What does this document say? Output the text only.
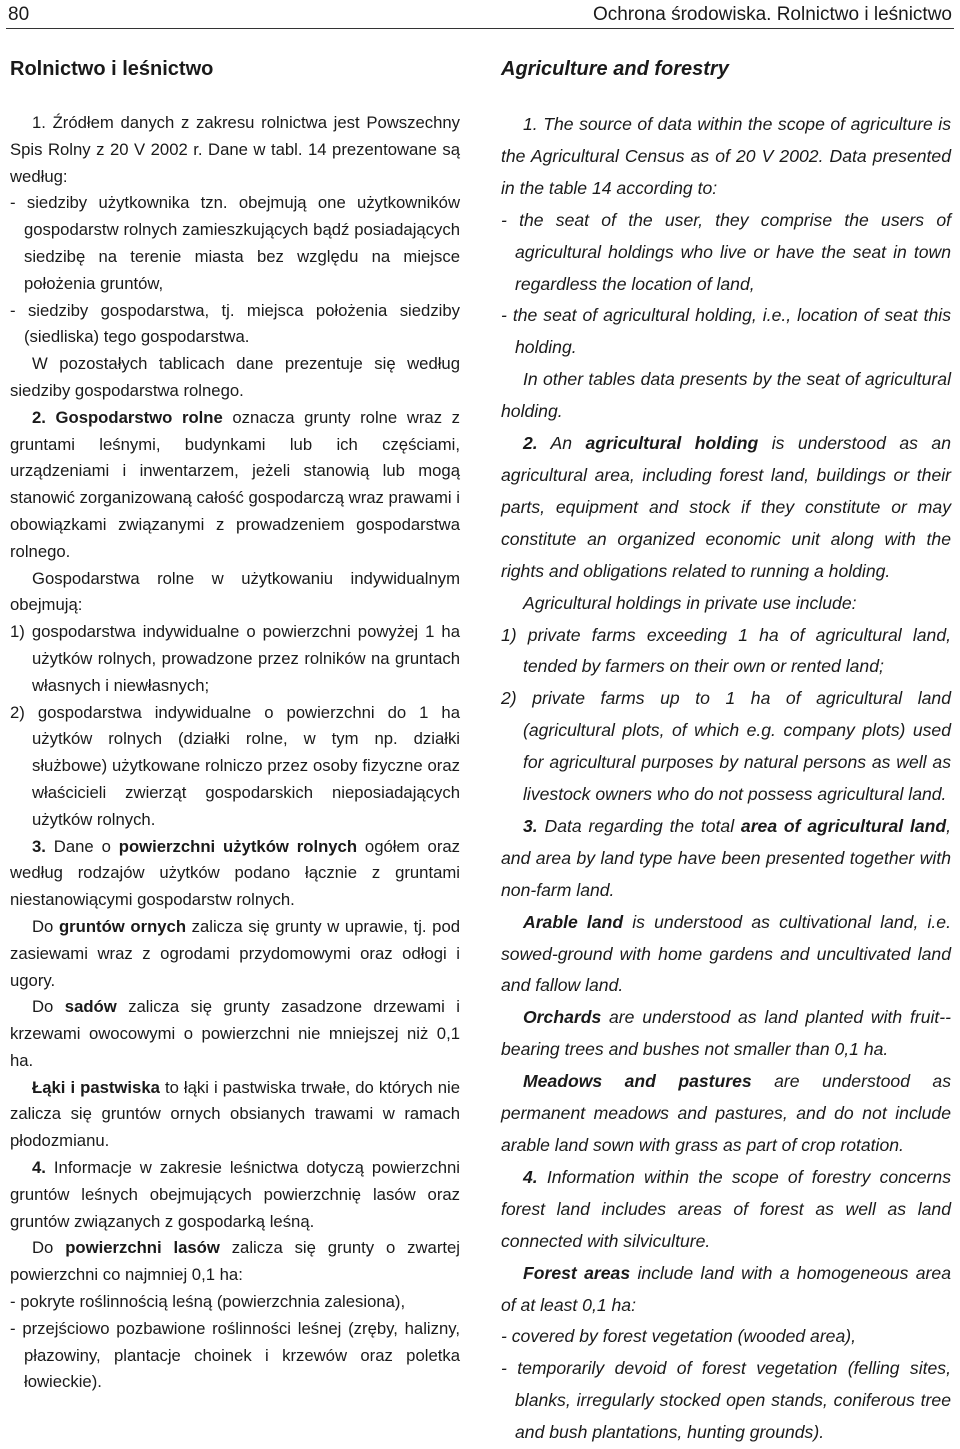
80	Ochrona środowiska. Rolnictwo i leśnictwo
Rolnictwo i leśnictwo

1. Źródłem danych z zakresu rolnictwa jest Powszechny Spis Rolny z 20 V 2002 r. Dane w tabl. 14 prezentowane są według:

- siedziby użytkownika tzn. obejmują one użytkowników gospodarstw rolnych zamieszkujących bądź posiadających siedzibę na terenie miasta bez względu na miejsce położenia gruntów,

- siedziby gospodarstwa, tj. miejsca położenia siedziby (siedliska) tego gospodarstwa.

W pozostałych tablicach dane prezentuje się według siedziby gospodarstwa rolnego.

2. Gospodarstwo rolne oznacza grunty rolne wraz z gruntami leśnymi, budynkami lub ich częściami, urządzeniami i inwentarzem, jeżeli stanowią lub mogą stanowić zorganizowaną całość gospodarczą wraz prawami i obowiązkami związanymi z prowadzeniem gospodarstwa rolnego.

Gospodarstwa rolne w użytkowaniu indywidualnym obejmują:

1) gospodarstwa indywidualne o powierzchni powyżej 1 ha użytków rolnych, prowadzone przez rolników na gruntach własnych i niewłasnych;

2) gospodarstwa indywidualne o powierzchni do 1 ha użytków rolnych (działki rolne, w tym np. działki służbowe) użytkowane rolniczo przez osoby fizyczne oraz właścicieli zwierząt gospodarskich nieposiadających użytków rolnych.

3. Dane o powierzchni użytków rolnych ogółem oraz według rodzajów użytków podano łącznie z gruntami niestanowiącymi gospodarstw rolnych.

Do gruntów ornych zalicza się grunty w uprawie, tj. pod zasiewami wraz z ogrodami przydomowymi oraz odłogi i ugory.

Do sadów zalicza się grunty zasadzone drzewami i krzewami owocowymi o powierzchni nie mniejszej niż 0,1 ha.

Łąki i pastwiska to łąki i pastwiska trwałe, do których nie zalicza się gruntów ornych obsianych trawami w ramach płodozmianu.

4. Informacje w zakresie leśnictwa dotyczą powierzchni gruntów leśnych obejmujących powierzchnię lasów oraz gruntów związanych z gospodarką leśną.

Do powierzchni lasów zalicza się grunty o zwartej powierzchni co najmniej 0,1 ha:

- pokryte roślinnością leśną (powierzchnia zalesiona),

- przejściowo pozbawione roślinności leśnej (zręby, halizny, płazowiny, plantacje choinek i krzewów oraz poletka łowieckie).

Agriculture and forestry

1. The source of data within the scope of agriculture is the Agricultural Census as of 20 V 2002. Data presented in the table 14 according to:

- the seat of the user, they comprise the users of agricultural holdings who live or have the seat in town regardless the location of land,

- the seat of agricultural holding, i.e., location of seat this holding.

In other tables data presents by the seat of agricultural holding.

2. An agricultural holding is understood as an agricultural area, including forest land, buildings or their parts, equipment and stock if they constitute or may constitute an organized economic unit along with the rights and obligations related to running a holding.

Agricultural holdings in private use include:

1) private farms exceeding 1 ha of agricultural land, tended by farmers on their own or rented land;

2) private farms up to 1 ha of agricultural land (agricultural plots, of which e.g. company plots) used for agricultural purposes by natural persons as well as livestock owners who do not possess agricultural land.

3. Data regarding the total area of agricultural land, and area by land type have been presented together with non-farm land.

Arable land is understood as cultivational land, i.e. sowed-ground with home gardens and uncultivated land and fallow land.

Orchards are understood as land planted with fruit--bearing trees and bushes not smaller than 0,1 ha.

Meadows and pastures are understood as permanent meadows and pastures, and do not include arable land sown with grass as part of crop rotation.

4. Information within the scope of forestry concerns forest land includes areas of forest as well as land connected with silviculture.

Forest areas include land with a homogeneous area of at least 0,1 ha:

- covered by forest vegetation (wooded area),

- temporarily devoid of forest vegetation (felling sites, blanks, irregularly stocked open stands, coniferous tree and bush plantations, hunting grounds).
